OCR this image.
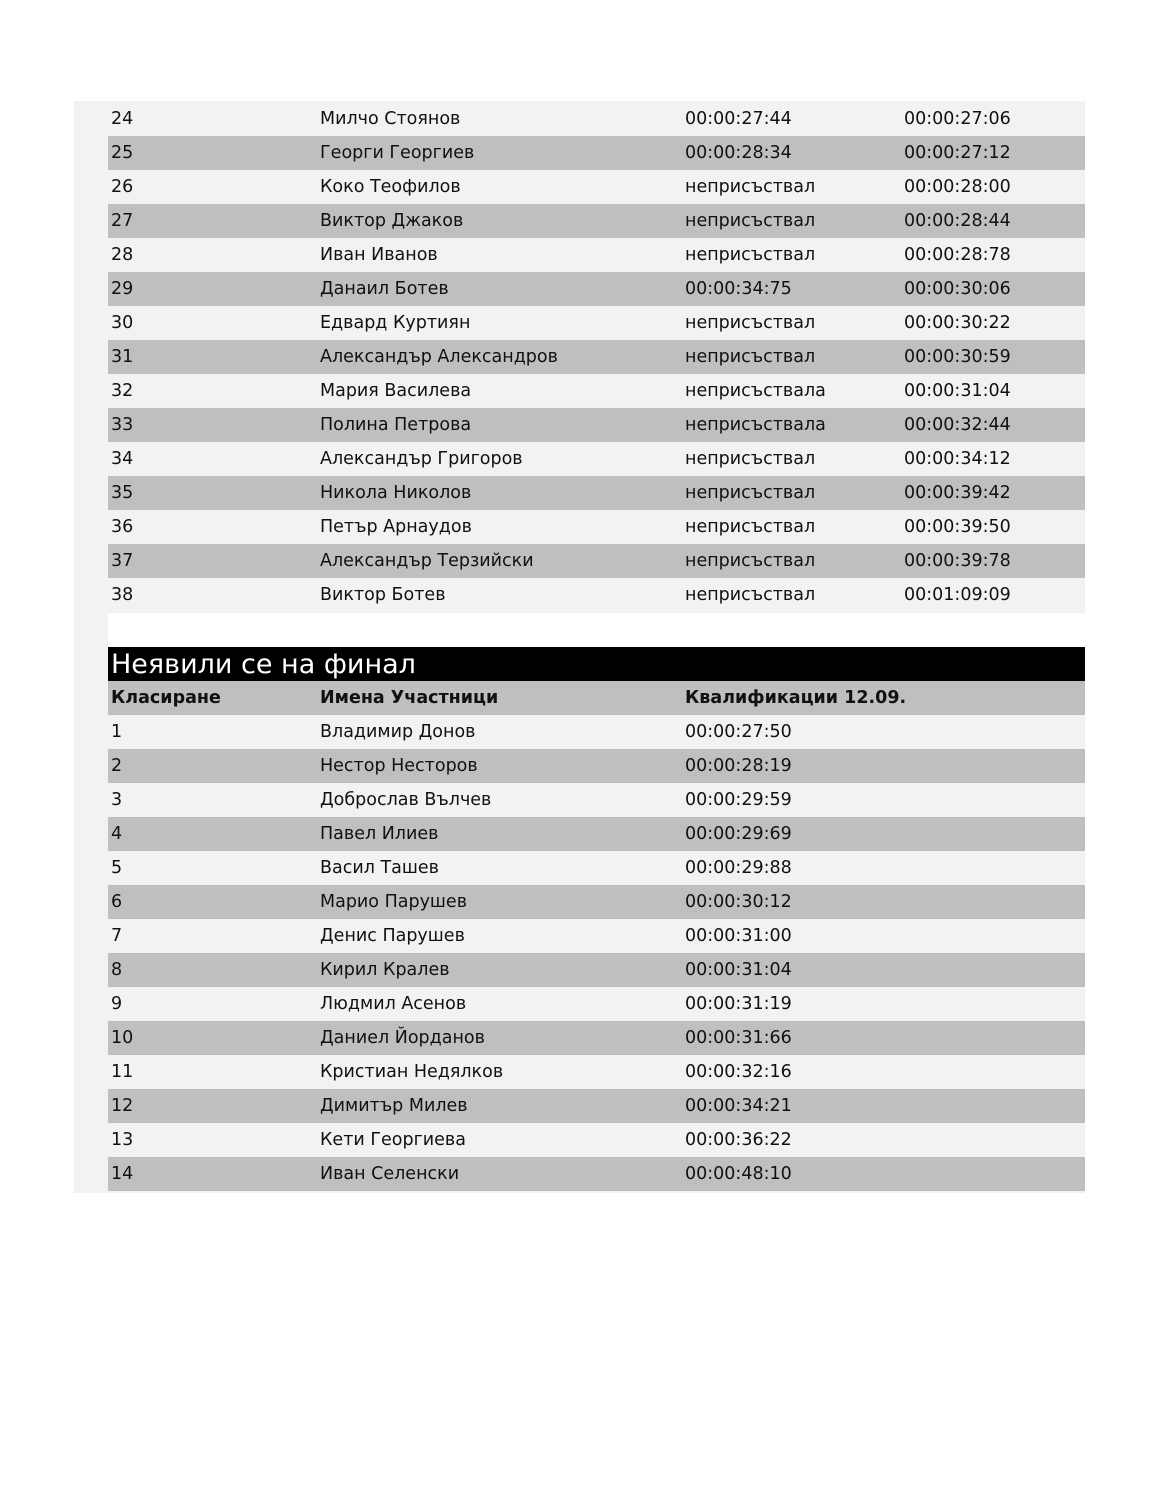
24	Милчо Стоянов	00:00:27:44	00:00:27:06
25	Георги Георгиев	00:00:28:34	00:00:27:12
26	Коко Теофилов	неприсъствал	00:00:28:00
27	Виктор Джаков	неприсъствал	00:00:28:44
28	Иван Иванов	неприсъствал	00:00:28:78
29	Данаил Ботев	00:00:34:75	00:00:30:06
30	Едвард Куртиян	неприсъствал	00:00:30:22
31	Александър Александров	неприсъствал	00:00:30:59
32	Мария Василева	неприсъствала	00:00:31:04
33	Полина Петрова	неприсъствала	00:00:32:44
34	Александър Григоров	неприсъствал	00:00:34:12
35	Никола Николов	неприсъствал	00:00:39:42
36	Петър Арнаудов	неприсъствал	00:00:39:50
37	Александър Терзийски	неприсъствал	00:00:39:78
38	Виктор Ботев	неприсъствал	00:01:09:09
Неявили се на финал
Класиране	Имена Участници	Квалификации 12.09.
1	Владимир Донов	00:00:27:50
2	Нестор Несторов	00:00:28:19
3	Доброслав Вълчев	00:00:29:59
4	Павел Илиев	00:00:29:69
5	Васил Ташев	00:00:29:88
6	Марио Парушев	00:00:30:12
7	Денис Парушев	00:00:31:00
8	Кирил Кралев	00:00:31:04
9	Людмил Асенов	00:00:31:19
10	Даниел Йорданов	00:00:31:66
11	Кристиан Недялков	00:00:32:16
12	Димитър Милев	00:00:34:21
13	Кети Георгиева	00:00:36:22
14	Иван Селенски	00:00:48:10
